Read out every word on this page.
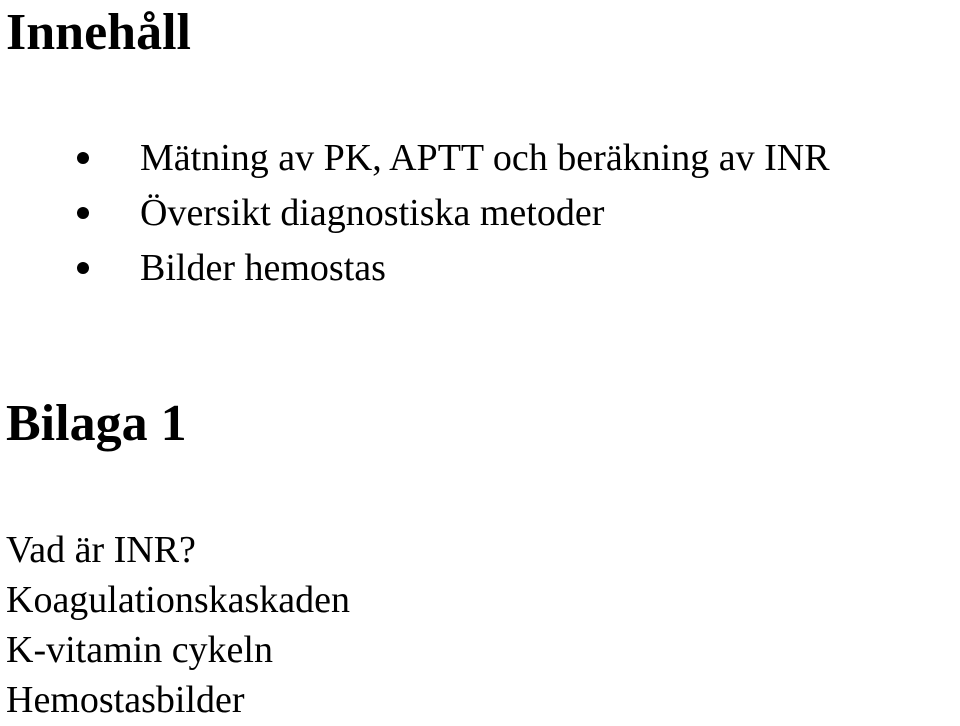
Innehåll
Mätning av PK, APTT och beräkning av INR
Översikt diagnostiska metoder
Bilder hemostas
Bilaga 1
Vad är INR?
Koagulationskaskaden
K-vitamin cykeln
Hemostasbilder
